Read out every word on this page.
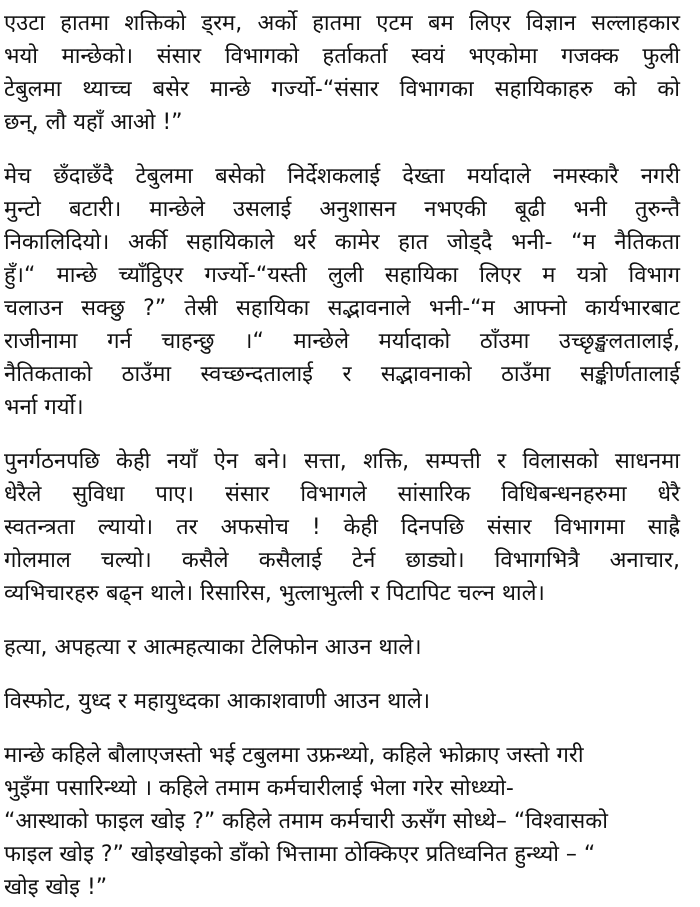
एउटा हातमा शक्तिको ड्रम, अर्को हातमा एटम बम लिएर विज्ञान सल्लाहकार
भयो मान्छेको। संसार विभागको हर्ताकर्ता स्वयं भएकोमा गजक्क फुली
टेबुलमा थ्याच्च बसेर मान्छे गर्ज्यो-“संसार विभागका सहायिकाहरु को को
छन्, लौ यहाँ आओ !”
मेच छँदाछँदै टेबुलमा बसेको निर्देशकलाई देख्ता मर्यादाले नमस्कारै नगरी
मुन्टो बटारी। मान्छेले उसलाई अनुशासन नभएकी बूढी भनी तुरुन्तै
निकालिदियो। अर्की सहायिकाले थर्र कामेर हात जोड्दै भनी- “म नैतिकता
हुँ।“ मान्छे च्याँट्ठिएर गर्ज्यो-“यस्ती लुली सहायिका लिएर म यत्रो विभाग
चलाउन सक्छु ?” तेस्री सहायिका सद्भावनाले भनी-“म आफ्नो कार्यभारबाट
राजीनामा गर्न चाहन्छु ।“ मान्छेले मर्यादाको ठाँउमा उच्छृङ्खलतालाई,
नैतिकताको ठाउँमा स्वच्छन्दतालाई र सद्भावनाको ठाउँमा सङ्कीर्णतालाई
भर्ना गर्यो।
पुनर्गठनपछि केही नयाँ ऐन बने। सत्ता, शक्ति, सम्पत्ती र विलासको साधनमा
धेरैले सुविधा पाए। संसार विभागले सांसारिक विधिबन्धनहरुमा धेरै
स्वतन्त्रता ल्यायो। तर अफसोच ! केही दिनपछि संसार विभागमा साह्रै
गोलमाल चल्यो। कसैले कसैलाई टेर्न छाड्यो। विभागभित्रै अनाचार,
व्यभिचारहरु बढ्न थाले। रिसारिस, भुत्लाभुत्ली र पिटापिट चल्न थाले।
हत्या, अपहत्या र आत्महत्याका टेलिफोन आउन थाले।
विस्फोट, युध्द र महायुध्दका आकाशवाणी आउन थाले।
मान्छे कहिले बौलाएजस्तो भई टबुलमा उफ्रन्थ्यो, कहिले झोक्राए जस्तो गरी
भुइँमा पसारिन्थ्यो । कहिले तमाम कर्मचारीलाई भेला गरेर सोध्थ्यो-
“आस्थाको फाइल खोइ ?” कहिले तमाम कर्मचारी ऊसँग सोध्थे– “विश्वासको
फाइल खोइ ?” खोइखोइको डाँको भित्तामा ठोक्किएर प्रतिध्वनित हुन्थ्यो – “
खोइ खोइ !”
